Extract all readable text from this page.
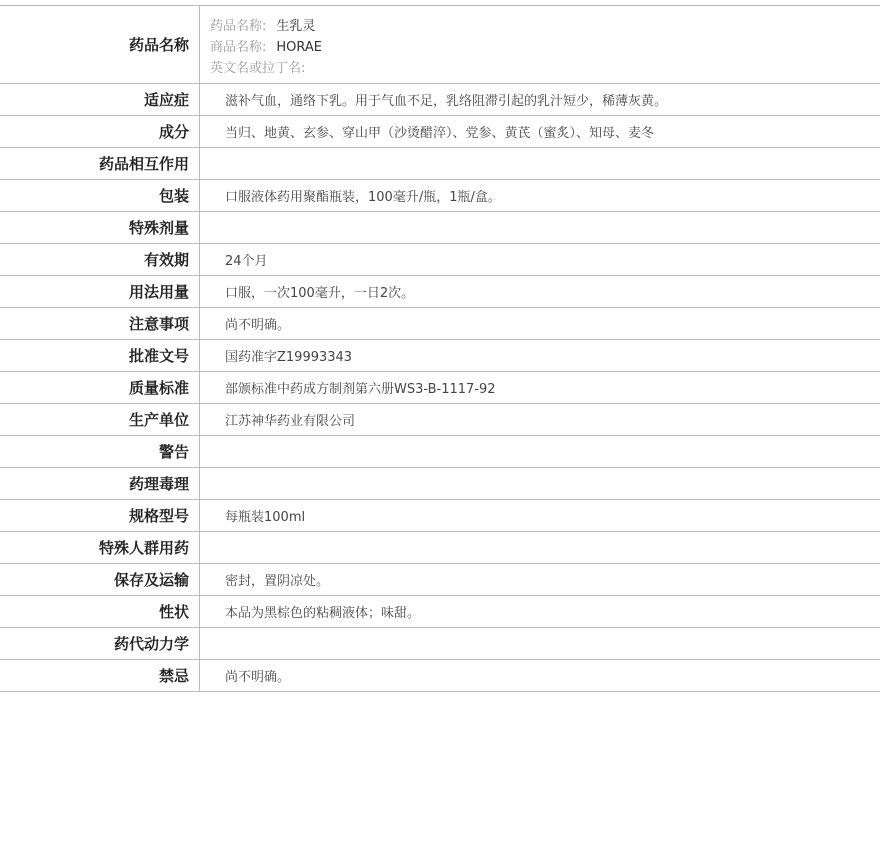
药品名称
药品名称: 生乳灵
商品名称: HORAE
英文名或拉丁名:
适应症	滋补气血，通络下乳。用于气血不足，乳络阻滞引起的乳汁短少，稀薄灰黄。
成分	当归、地黄、玄参、穿山甲（沙烫醋淬）、党参、黄芪（蜜炙）、知母、麦冬
药品相互作用
包装	口服液体药用聚酯瓶装，100毫升/瓶，1瓶/盒。
特殊剂量
有效期	24个月
用法用量	口服，一次100毫升，一日2次。
注意事项	尚不明确。
批准文号	国药准字Z19993343
质量标准	部颁标准中药成方制剂第六册WS3-B-1117-92
生产单位	江苏神华药业有限公司
警告
药理毒理
规格型号	每瓶装100ml
特殊人群用药
保存及运输	密封，置阴凉处。
性状	本品为黑棕色的粘稠液体；味甜。
药代动力学
禁忌	尚不明确。
